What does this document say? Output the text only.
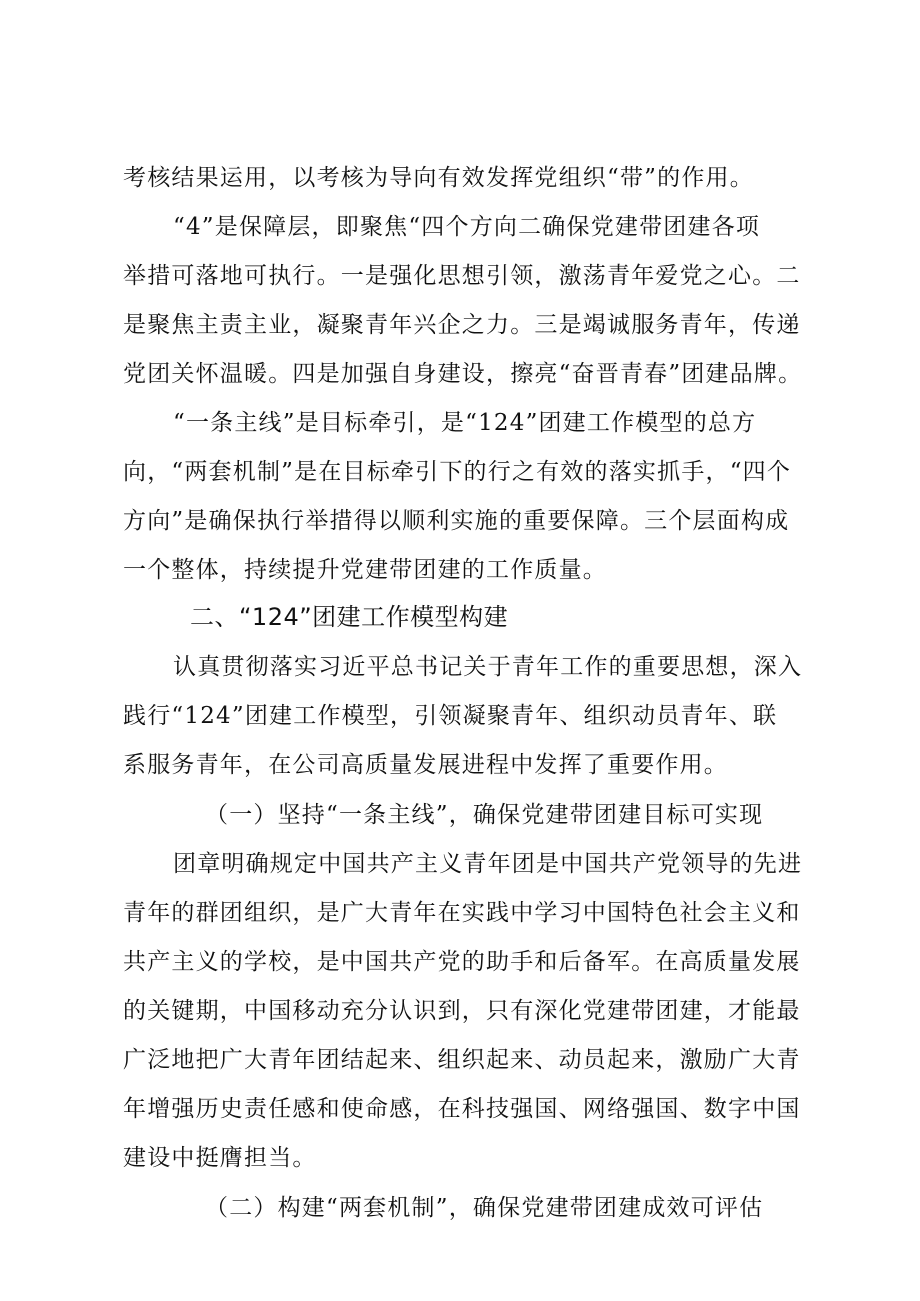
考核结果运用，以考核为导向有效发挥党组织“带”的作用。
“4”是保障层，即聚焦“四个方向二确保党建带团建各项
举措可落地可执行。一是强化思想引领，激荡青年爱党之心。二
是聚焦主责主业，凝聚青年兴企之力。三是竭诚服务青年，传递
党团关怀温暖。四是加强自身建设，擦亮“奋晋青春”团建品牌。
“一条主线”是目标牵引，是“124”团建工作模型的总方
向，“两套机制”是在目标牵引下的行之有效的落实抓手，“四个
方向”是确保执行举措得以顺利实施的重要保障。三个层面构成
一个整体，持续提升党建带团建的工作质量。
二、“124”团建工作模型构建
认真贯彻落实习近平总书记关于青年工作的重要思想，深入
践行“124”团建工作模型，引领凝聚青年、组织动员青年、联
系服务青年，在公司高质量发展进程中发挥了重要作用。
（一）坚持“一条主线”，确保党建带团建目标可实现
团章明确规定中国共产主义青年团是中国共产党领导的先进
青年的群团组织，是广大青年在实践中学习中国特色社会主义和
共产主义的学校，是中国共产党的助手和后备军。在高质量发展
的关键期，中国移动充分认识到，只有深化党建带团建，才能最
广泛地把广大青年团结起来、组织起来、动员起来，激励广大青
年增强历史责任感和使命感，在科技强国、网络强国、数字中国
建设中挺膺担当。
（二）构建“两套机制”，确保党建带团建成效可评估
